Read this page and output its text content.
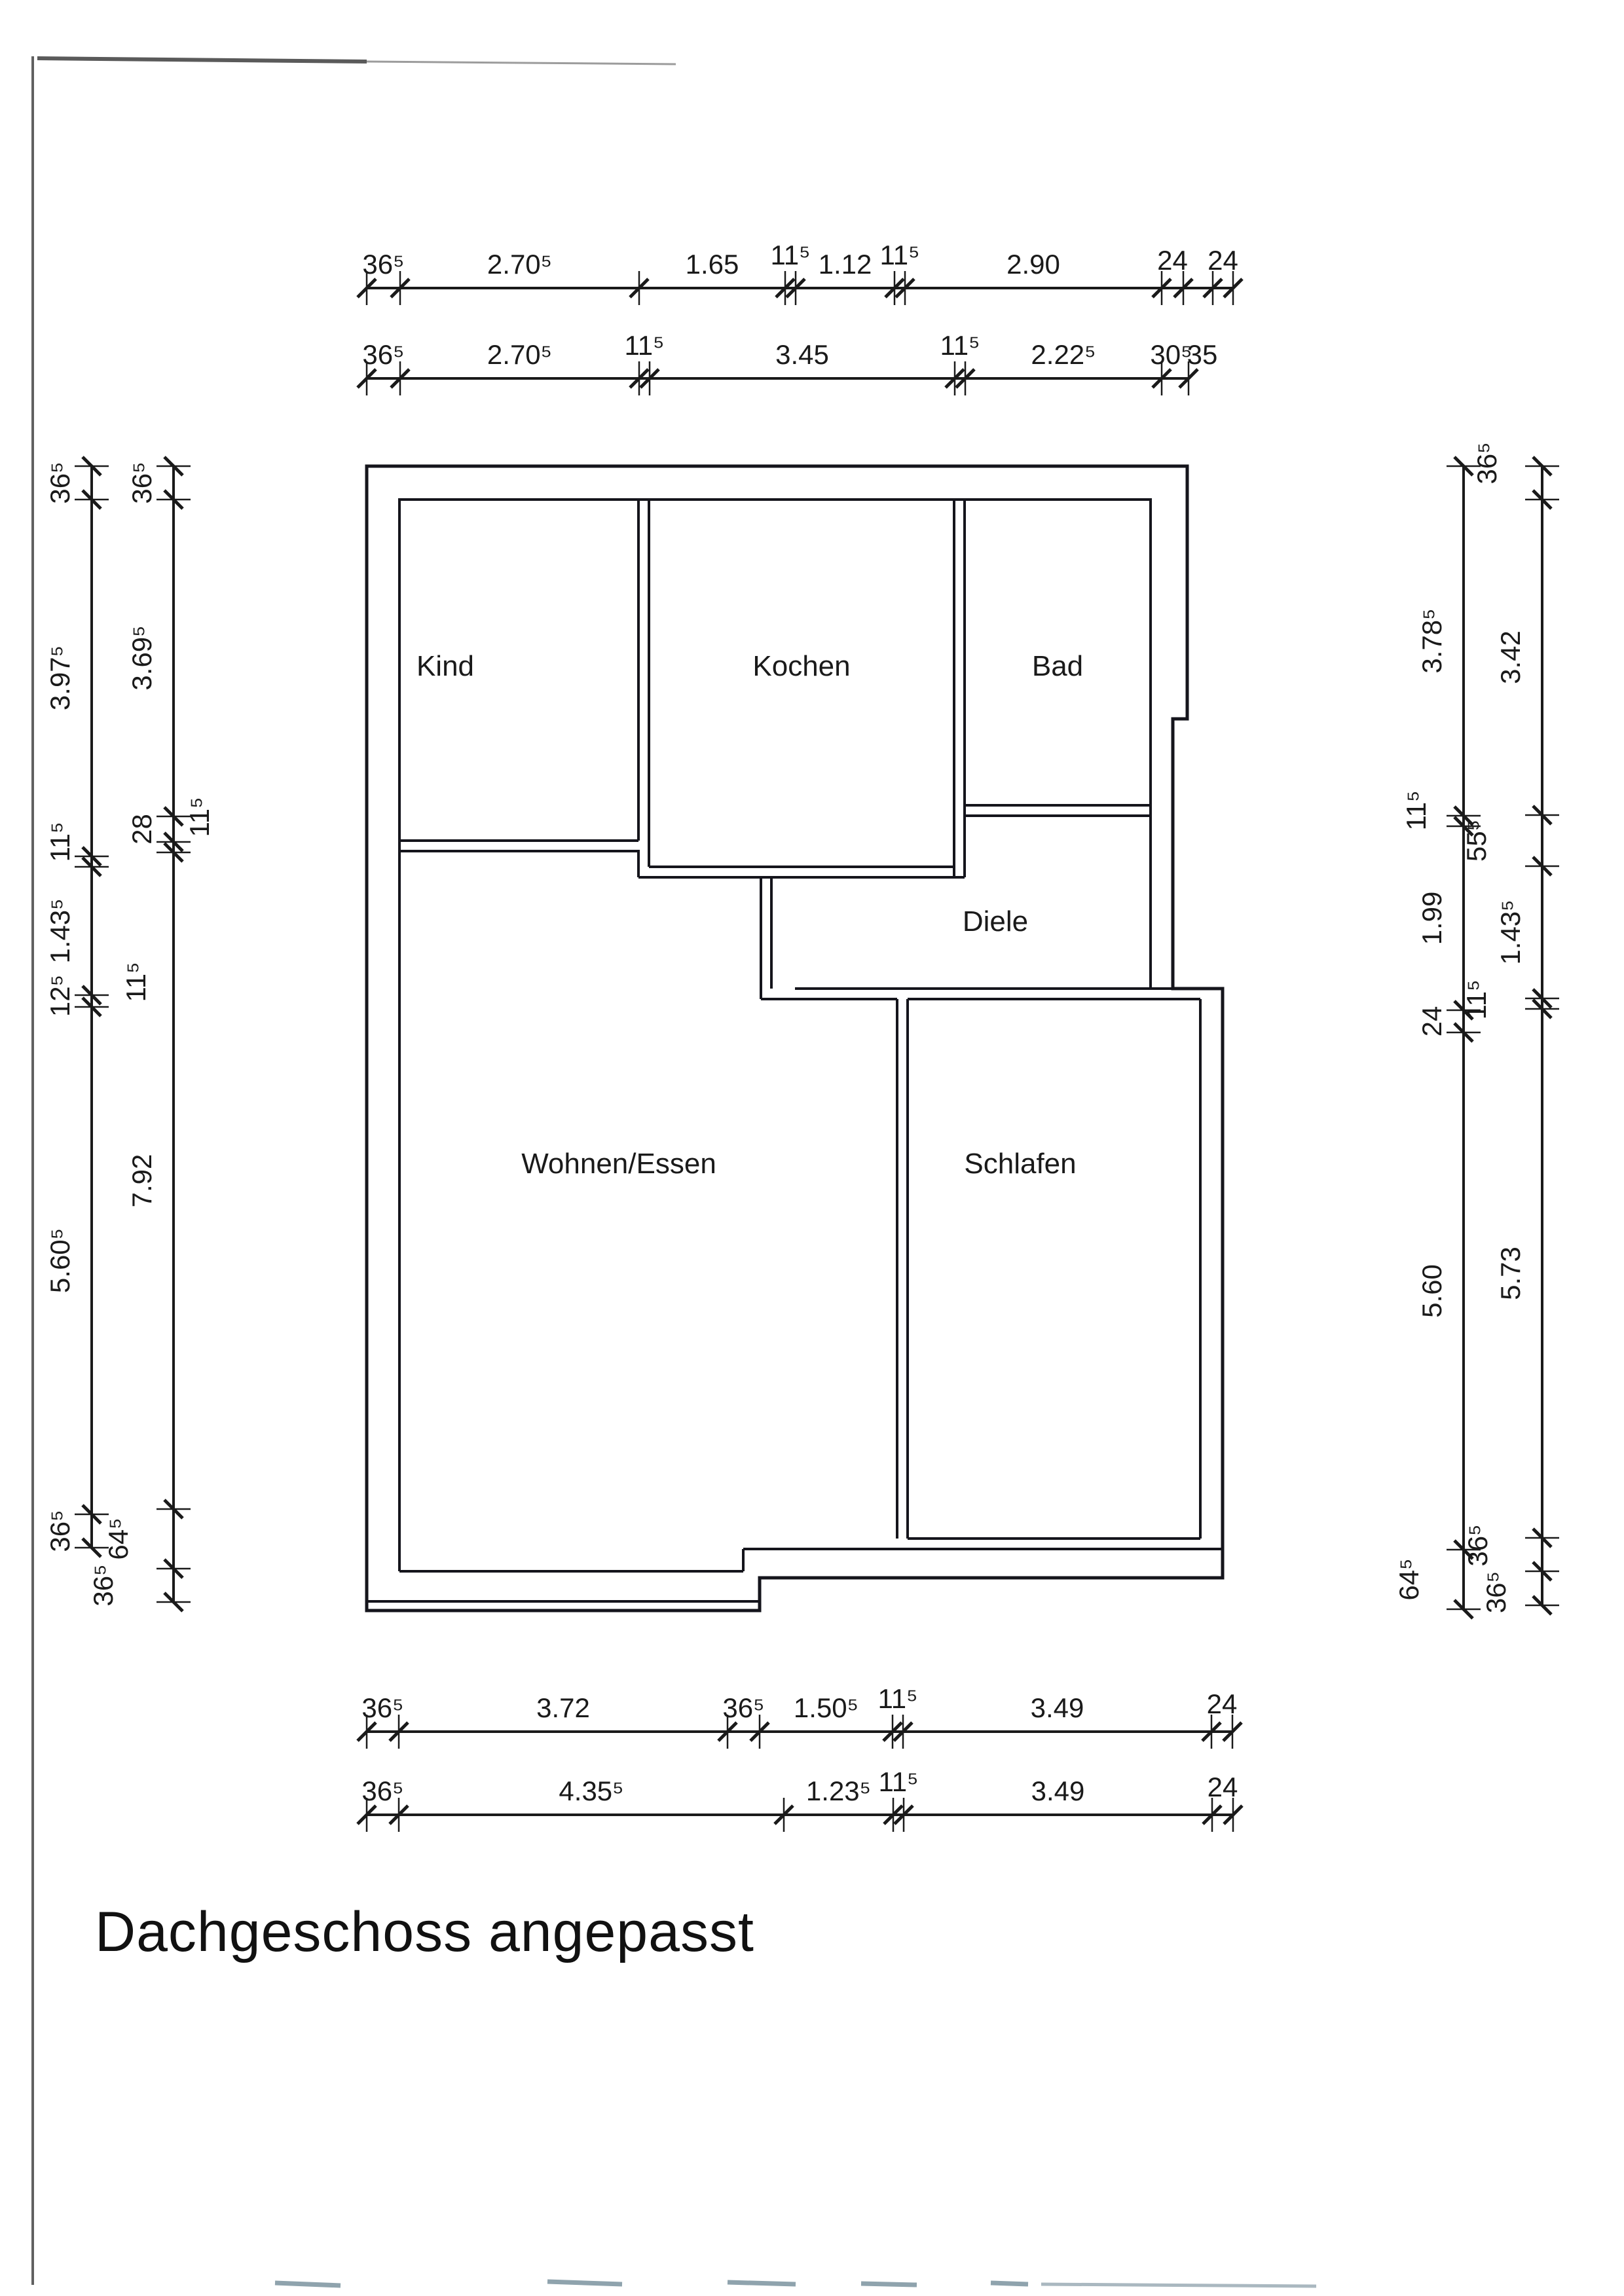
Kind	Kochen	Bad
Diele
Wohnen/Essen	Schlafen
36⁵	2.70⁵	1.65 11⁵ 1.12 11⁵	2.90	24 24
36⁵	2.70⁵	11⁵	3.45	11⁵ 2.22⁵ 30⁵
36⁵
3.97⁵
11⁵
1.43⁵
12⁵
5.60⁵
36⁵
36⁵
3.69⁵
28 11⁵
7.92
64⁵
36⁵
3.78⁵
11⁵
1.99
24
5.60
64⁵
36⁵
3.42
55⁵
1.43⁵
11⁵
5.73
36⁵
36⁵
36⁵	3.72	36⁵ 1.50⁵ 11⁵	3.49	24
36⁵	4.35⁵	1.23⁵ 11⁵	3.49	24
35
11⁵
Dachgeschoss angepasst
